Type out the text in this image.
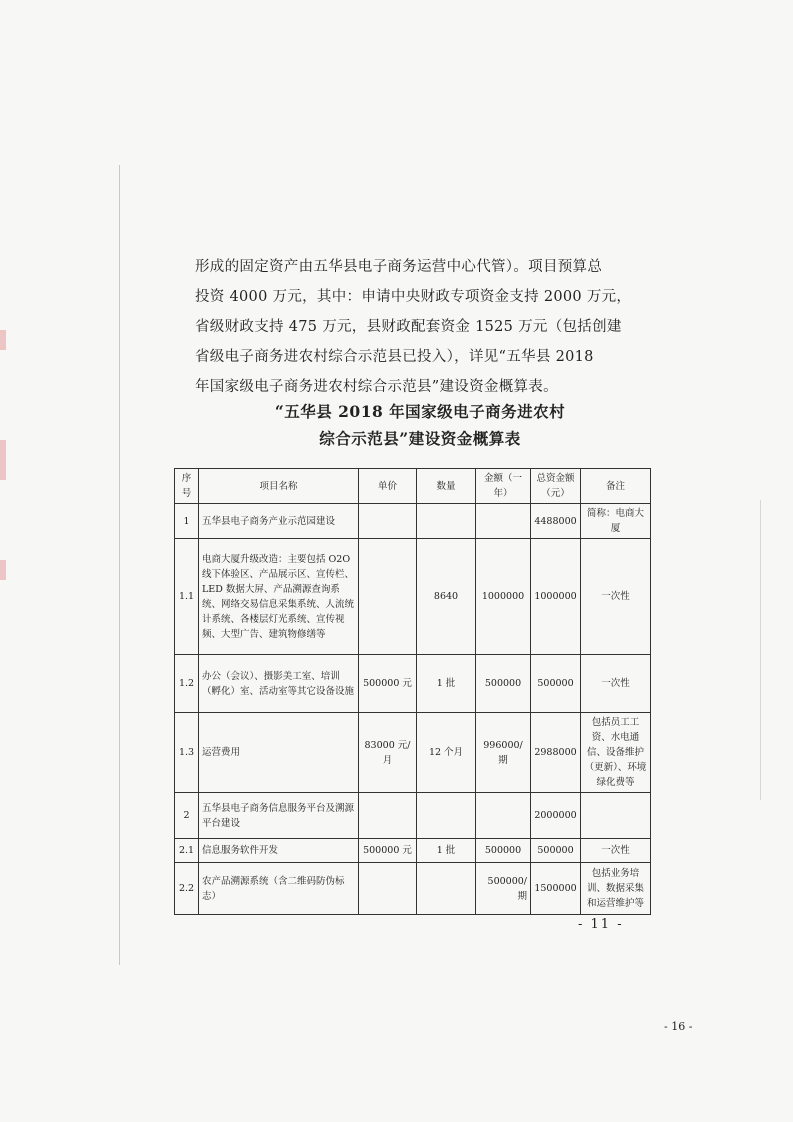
形成的固定资产由五华县电子商务运营中心代管）。项目预算总

投资 4000 万元，其中：申请中央财政专项资金支持 2000 万元，

省级财政支持 475 万元，县财政配套资金 1525 万元（包括创建

省级电子商务进农村综合示范县已投入），详见“五华县 2018

年国家级电子商务进农村综合示范县”建设资金概算表。

“五华县 2018 年国家级电子商务进农村

综合示范县”建设资金概算表

序号	项目名称	单价	数量	金额（一年）	总资金额（元）	备注
1	五华县电子商务产业示范园建设				4488000	简称：电商大厦
1.1	电商大厦升级改造：主要包括 O2O 线下体验区、产品展示区、宣传栏、LED 数据大屏、产品溯源查询系统、网络交易信息采集系统、人流统计系统、各楼层灯光系统、宣传视频、大型广告、建筑物修缮等		8640	1000000	1000000	一次性
1.2	办公（会议）、摄影美工室、培训（孵化）室、活动室等其它设备设施	500000 元	1 批	500000	500000	一次性
1.3	运营费用	83000 元/月	12 个月	996000/期	2988000	包括员工工资、水电通信、设备维护（更新）、环境绿化费等
2	五华县电子商务信息服务平台及溯源平台建设				2000000	
2.1	信息服务软件开发	500000 元	1 批	500000	500000	一次性
2.2	农产品溯源系统（含二维码防伪标志）			500000/期	1500000	包括业务培训、数据采集和运营维护等
- 11 -
- 16 -
